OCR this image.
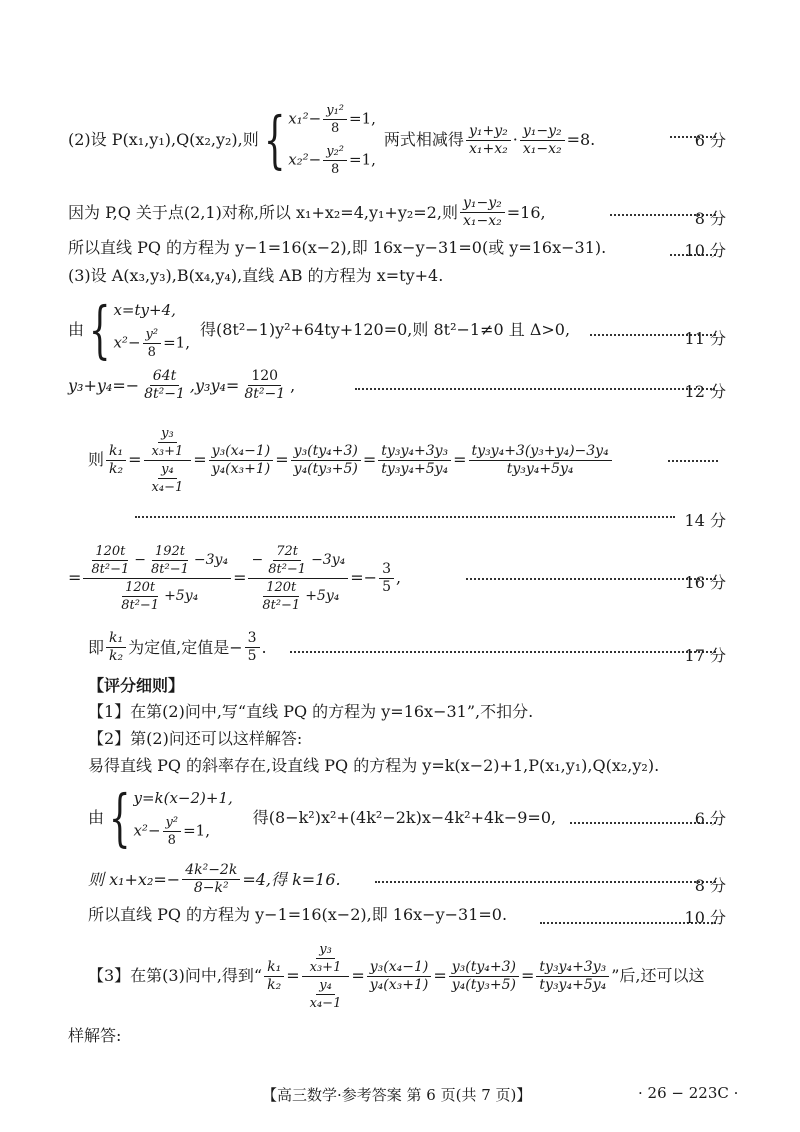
(2)设 P(x₁,y₁),Q(x₂,y₂),则 { $x_1^2- \frac{\text{y₁²}}{8} =1$,
$x_2^2- \frac{\text{y₂²}}{8} =1$,
两式相减得 $\frac{\text{y₁+y₂}}{\text{x₁+x₂}} \cdot \frac{\text{y₁−y₂}}{\text{x₁−x₂}} =8$.	6 分
因为 P,Q 关于点(2,1)对称,所以 x₁+x₂=4,y₁+y₂=2,则 $\frac{\text{y₁−y₂}}{\text{x₁−x₂}} =16$,	8 分
所以直线 PQ 的方程为 y−1=16(x−2),即 16x−y−31=0(或 y=16x−31).	10 分
(3)设 A(x₃,y₃),B(x₄,y₄),直线 AB 的方程为 x=ty+4.
由 { x=ty+4,
$x^2- \frac{\text{y²}}{8} =1$,
得(8t²−1)y²+64ty+120=0,则 8t²−1≠0 且 Δ>0,	11 分
$y_3+y_4=- \frac{64t}{\text{8t²−1}} ,y_3y_4= \frac{120}{\text{8t²−1}}$ ,	12 分
则 $\frac{\text{k₁}}{\text{k₂}} = \frac{\frac{\text{y₃}}{\text{x₃+1}}}{\frac{\text{y₄}}{\text{x₄−1}}} = \frac{\text{y₃(x₄−1)}}{\text{y₄(x₃+1)}} = \frac{\text{y₃(ty₄+3)}}{\text{y₄(ty₃+5)}} = \frac{\text{ty₃y₄+3y₃}}{\text{ty₃y₄+5y₄}} = \frac{\text{ty₃y₄+3(y₃+y₄)−3y₄}}{\text{ty₃y₄+5y₄}}$
14 分
= $\frac{\frac{120t}{\text{8t²−1}} - \frac{192t}{\text{8t²−1}} -3y_4}{\frac{120t}{\text{8t²−1}} +5y_4} = \frac{- \frac{72t}{\text{8t²−1}} -3y_4}{\frac{120t}{\text{8t²−1}} +5y_4} =- \frac{3}{5}$ ,	16 分
即 $\frac{\text{k₁}}{\text{k₂}}$ 为定值,定值是− $\frac{3}{5}$ .	17 分
【评分细则】
【1】在第(2)问中,写“直线 PQ 的方程为 y=16x−31”,不扣分.
【2】第(2)问还可以这样解答:
易得直线 PQ 的斜率存在,设直线 PQ 的方程为 y=k(x−2)+1,P(x₁,y₁),Q(x₂,y₂).
由 { y=k(x−2)+1,
$x^2- \frac{\text{y²}}{8} =1$,
得(8−k²)x²+(4k²−2k)x−4k²+4k−9=0,	6 分
则 $x_1+x_2=- \frac{\text{4k²−2k}}{\text{8−k²}} =4$,得 k=16.	8 分
所以直线 PQ 的方程为 y−1=16(x−2),即 16x−y−31=0.	10 分
【3】在第(3)问中,得到“ $\frac{\text{k₁}}{\text{k₂}} = \frac{\frac{\text{y₃}}{\text{x₃+1}}}{\frac{\text{y₄}}{\text{x₄−1}}} = \frac{\text{y₃(x₄−1)}}{\text{y₄(x₃+1)}} = \frac{\text{y₃(ty₄+3)}}{\text{y₄(ty₃+5)}} = \frac{\text{ty₃y₄+3y₃}}{\text{ty₃y₄+5y₄}}$ ”后,还可以这
样解答:
【高三数学·参考答案 第 6 页(共 7 页)】	· 26 − 223C ·
